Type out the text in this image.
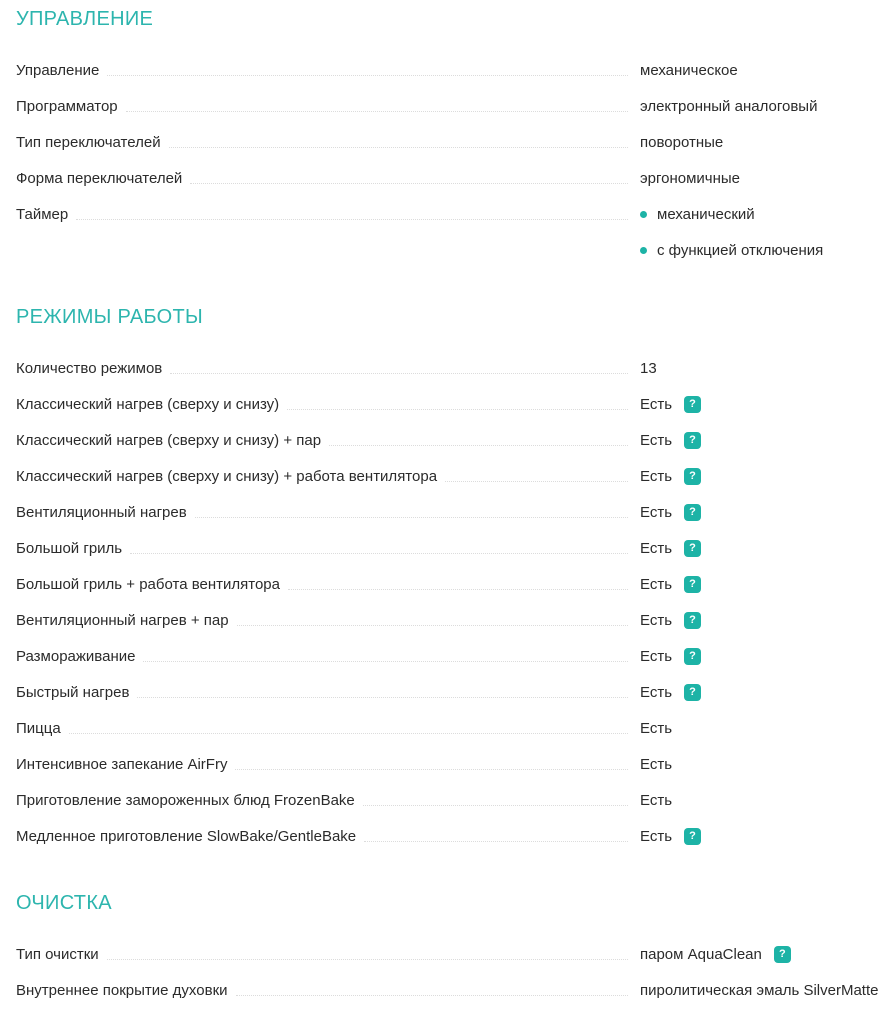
УПРАВЛЕНИЕ
Управление	механическое
Программатор	электронный аналоговый
Тип переключателей	поворотные
Форма переключателей	эргономичные
Таймер	механический
с функцией отключения
РЕЖИМЫ РАБОТЫ
Количество режимов	13
Классический нагрев (сверху и снизу)	Есть	?
Классический нагрев (сверху и снизу) + пар	Есть	?
Классический нагрев (сверху и снизу) + работа вентилятора	Есть	?
Вентиляционный нагрев	Есть	?
Большой гриль	Есть	?
Большой гриль + работа вентилятора	Есть	?
Вентиляционный нагрев + пар	Есть	?
Размораживание	Есть	?
Быстрый нагрев	Есть	?
Пицца	Есть
Интенсивное запекание AirFry	Есть
Приготовление замороженных блюд FrozenBake	Есть
Медленное приготовление SlowBake/GentleBake	Есть	?
ОЧИСТКА
Тип очистки	паром AquaClean	?
Внутреннее покрытие духовки	пиролитическая эмаль SilverMatte
